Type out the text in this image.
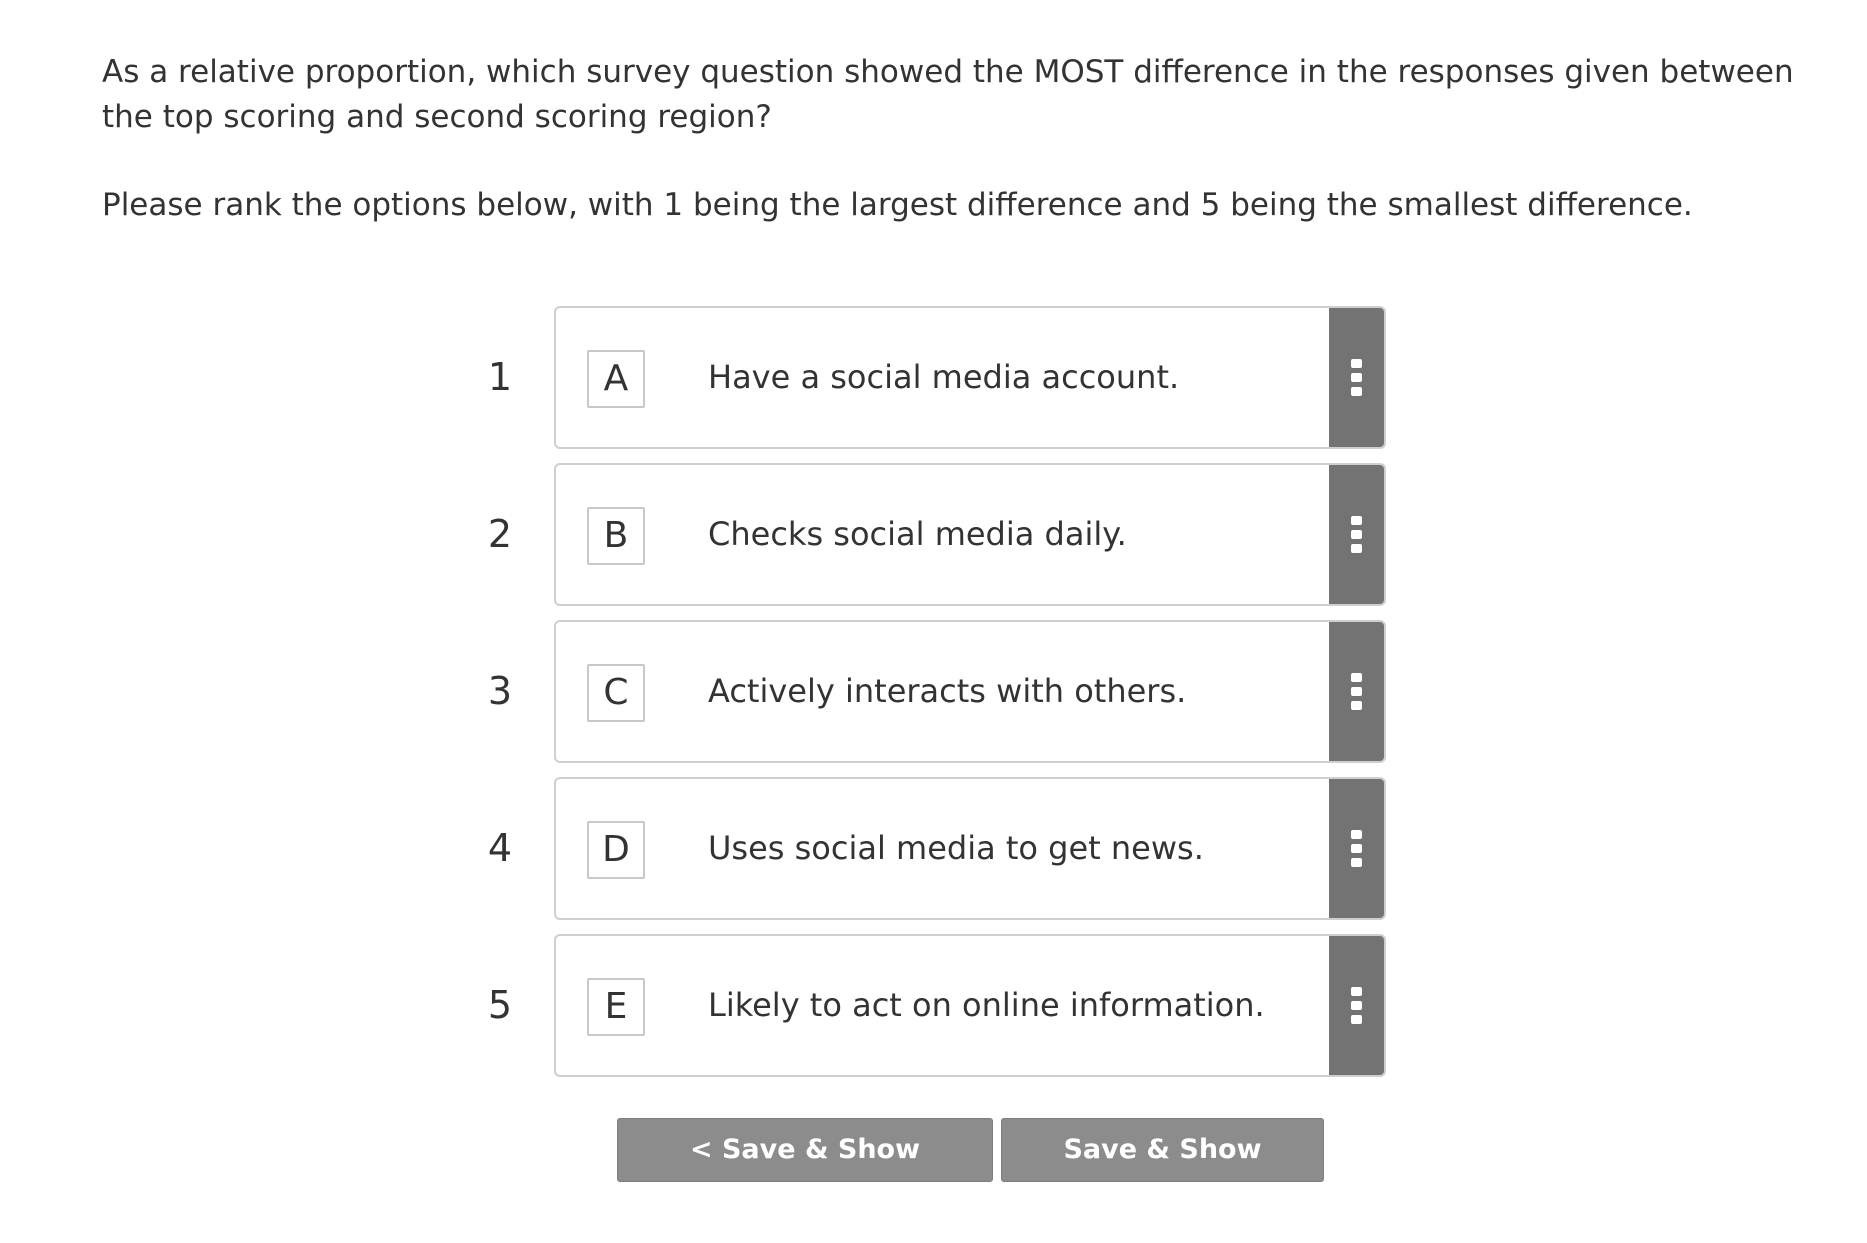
As a relative proportion, which survey question showed the MOST difference in the responses given between the top scoring and second scoring region?

Please rank the options below, with 1 being the largest difference and 5 being the smallest difference.

1	A	Have a social media account.
2	B	Checks social media daily.
3	C	Actively interacts with others.
4	D	Uses social media to get news.
5	E	Likely to act on online information.
< Save & Show Previous
Save & Show Next >
